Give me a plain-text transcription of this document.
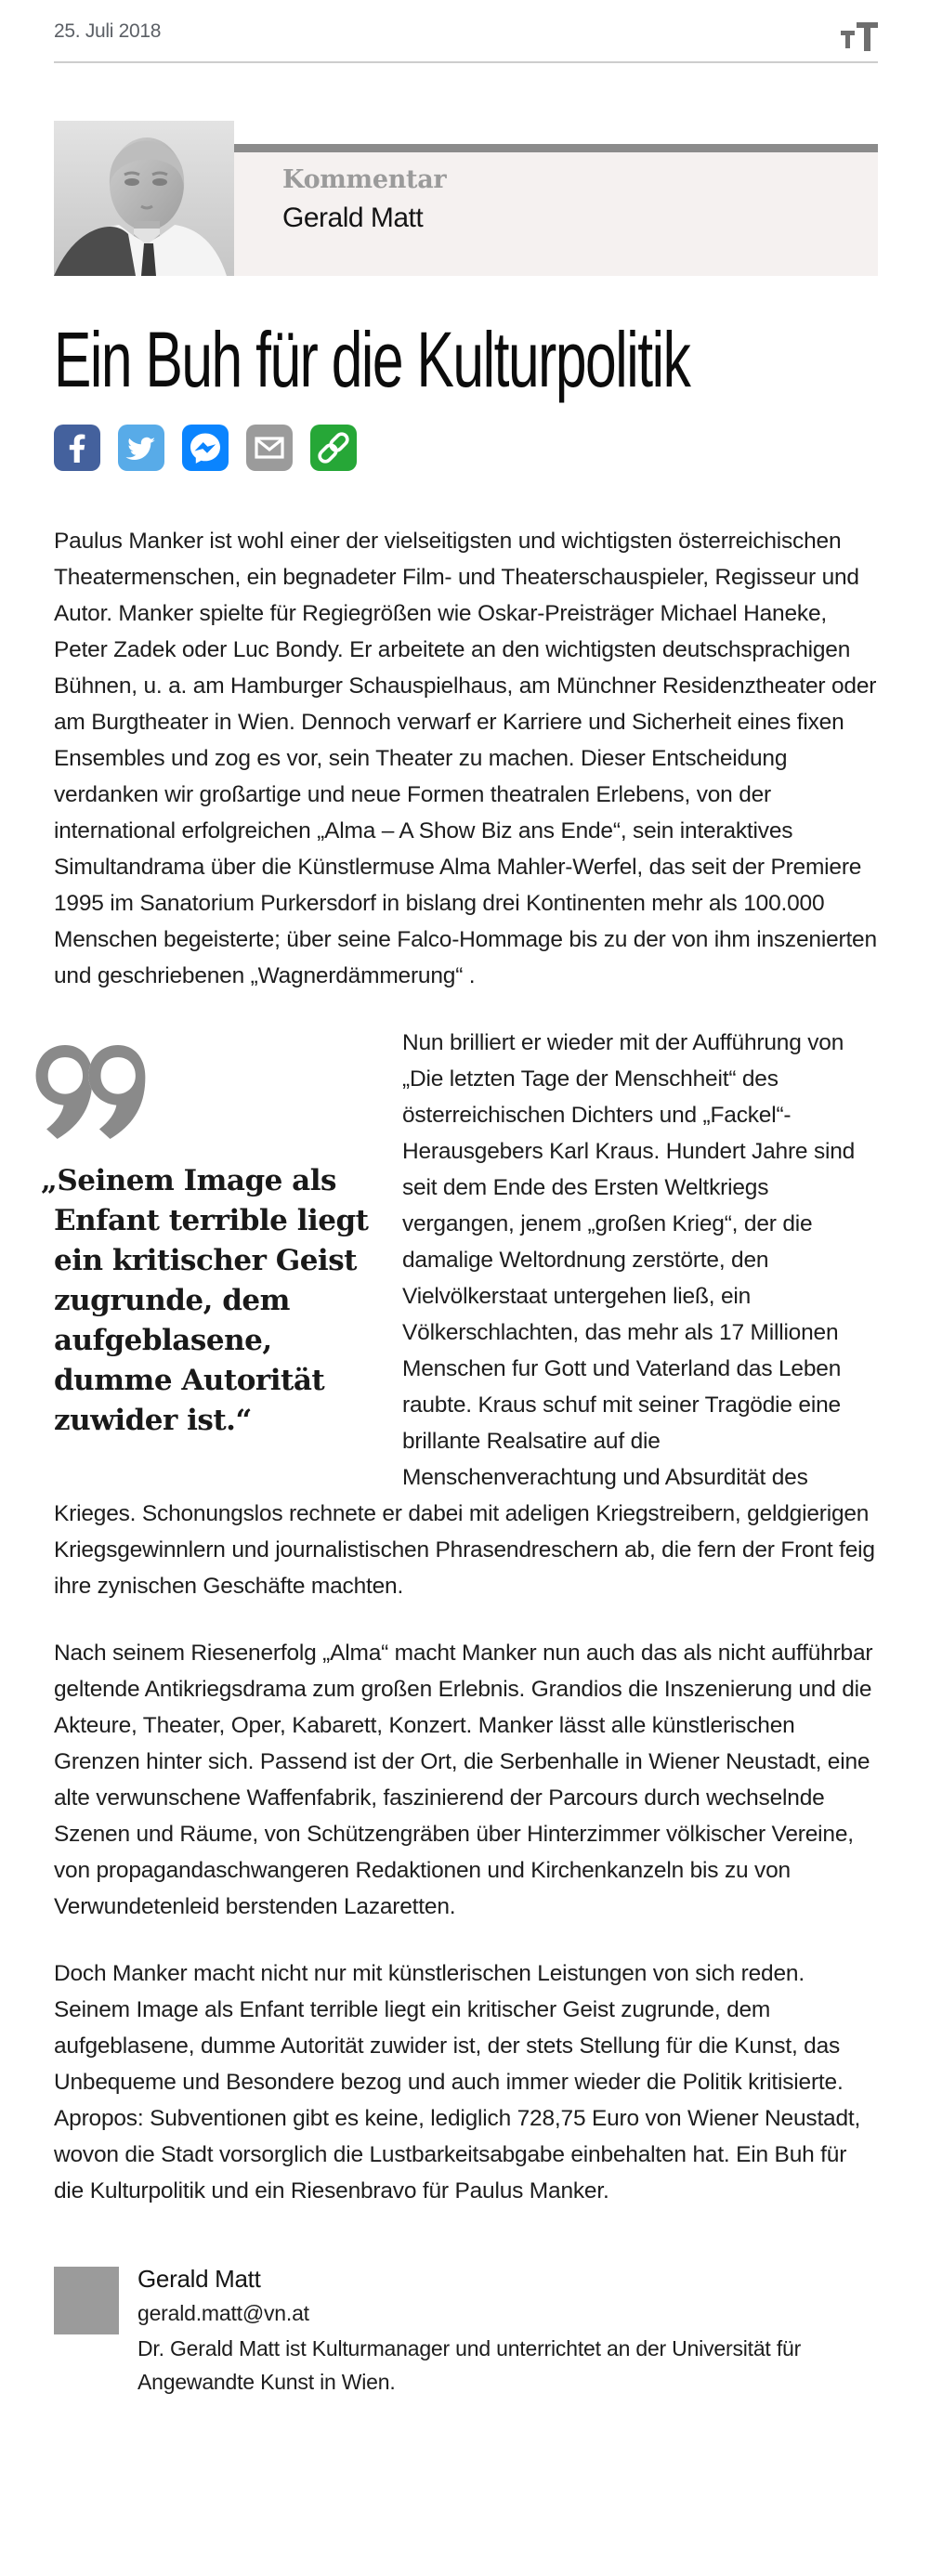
25. Juli 2018
Kommentar
Gerald Matt
Ein Buh für die Kulturpolitik

Paulus Manker ist wohl einer der vielseitigsten und wichtigsten österreichischen Theatermenschen, ein begnadeter Film- und Theaterschauspieler, Regisseur und Autor. Manker spielte für Regiegrößen wie Oskar-Preisträger Michael Haneke, Peter Zadek oder Luc Bondy. Er arbeitete an den wichtigsten deutschsprachigen Bühnen, u. a. am Hamburger Schauspielhaus, am Münchner Residenztheater oder am Burgtheater in Wien. Dennoch verwarf er Karriere und Sicherheit eines fixen Ensembles und zog es vor, sein Theater zu machen. Dieser Entscheidung verdanken wir großartige und neue Formen theatralen Erlebens, von der international erfolgreichen „Alma – A Show Biz ans Ende“, sein interaktives Simultandrama über die Künstlermuse Alma Mahler-Werfel, das seit der Premiere 1995 im Sanatorium Purkersdorf in bislang drei Kontinenten mehr als 100.000 Menschen begeisterte; über seine Falco-Hommage bis zu der von ihm inszenierten und geschriebenen „Wagnerdämmerung“ .

„Seinem Image als Enfant terrible liegt ein kritischer Geist zugrunde, dem aufgeblasene, dumme Autorität zuwider ist.“

Nun brilliert er wieder mit der Aufführung von „Die letzten Tage der Menschheit“ des österreichischen Dichters und „Fackel“-Herausgebers Karl Kraus. Hundert Jahre sind seit dem Ende des Ersten Weltkriegs vergangen, jenem „großen Krieg“, der die damalige Weltordnung zerstörte, den Vielvölkerstaat untergehen ließ, ein Völkerschlachten, das mehr als 17 Millionen Menschen fur Gott und Vaterland das Leben raubte. Kraus schuf mit seiner Tragödie eine brillante Realsatire auf die Menschenverachtung und Absurdität des Krieges. Schonungslos rechnete er dabei mit adeligen Kriegstreibern, geldgierigen Kriegsgewinnlern und journalistischen Phrasendreschern ab, die fern der Front feig ihre zynischen Geschäfte machten.

Nach seinem Riesenerfolg „Alma“ macht Manker nun auch das als nicht aufführbar geltende Antikriegsdrama zum großen Erlebnis. Grandios die Inszenierung und die Akteure, Theater, Oper, Kabarett, Konzert. Manker lässt alle künstlerischen Grenzen hinter sich. Passend ist der Ort, die Serbenhalle in Wiener Neustadt, eine alte verwunschene Waffenfabrik, faszinierend der Parcours durch wechselnde Szenen und Räume, von Schützengräben über Hinterzimmer völkischer Vereine, von propagandaschwangeren Redaktionen und Kirchenkanzeln bis zu von Verwundetenleid berstenden Lazaretten.

Doch Manker macht nicht nur mit künstlerischen Leistungen von sich reden. Seinem Image als Enfant terrible liegt ein kritischer Geist zugrunde, dem aufgeblasene, dumme Autorität zuwider ist, der stets Stellung für die Kunst, das Unbequeme und Besondere bezog und auch immer wieder die Politik kritisierte. Apropos: Subventionen gibt es keine, lediglich 728,75 Euro von Wiener Neustadt, wovon die Stadt vorsorglich die Lustbarkeitsabgabe einbehalten hat. Ein Buh für die Kulturpolitik und ein Riesenbravo für Paulus Manker.

Gerald Matt
gerald.matt@vn.at
Dr. Gerald Matt ist Kulturmanager und unterrichtet an der Universität für Angewandte Kunst in Wien.
